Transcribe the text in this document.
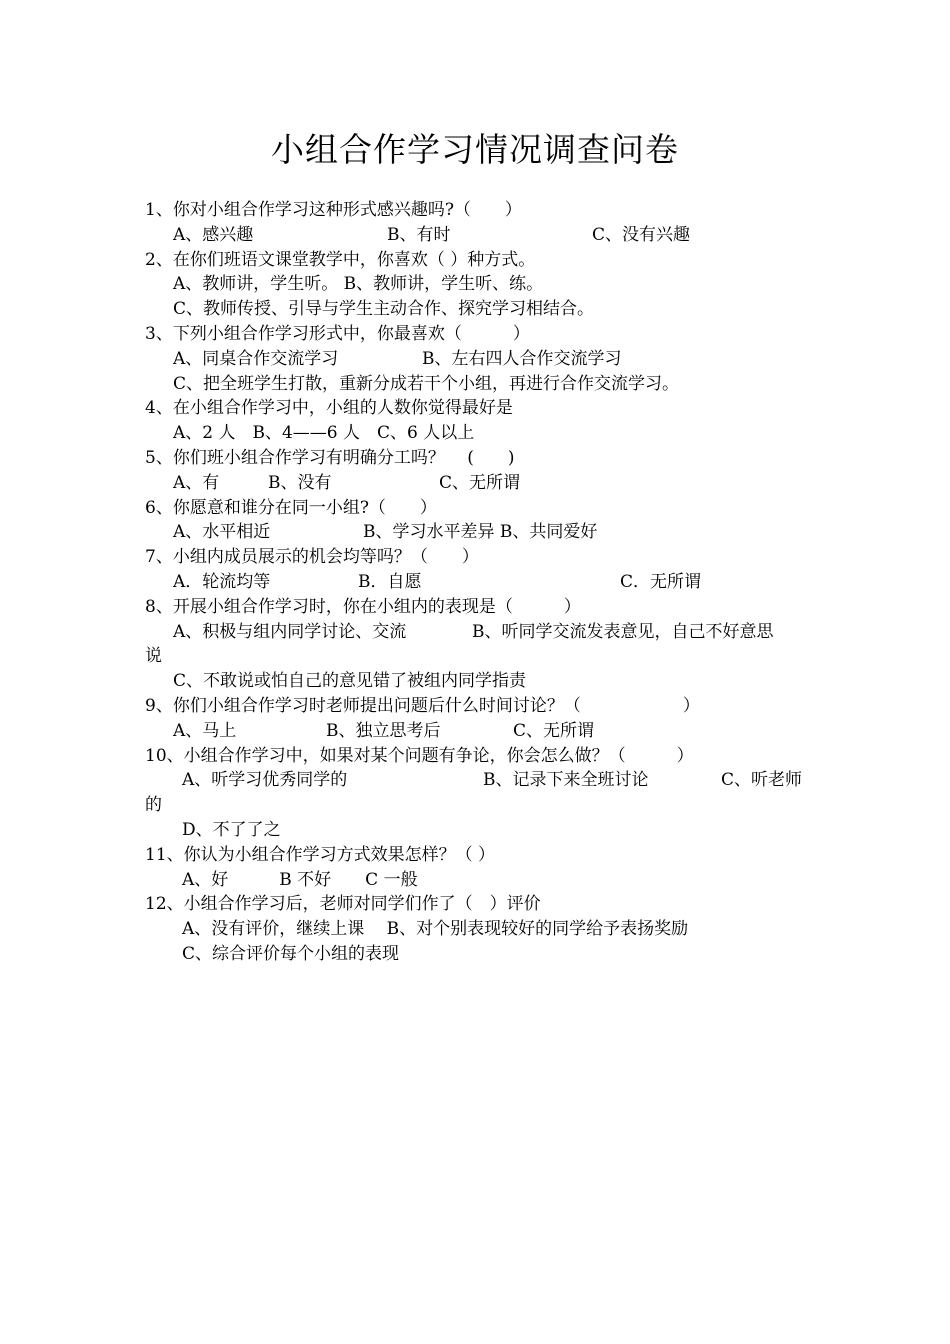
小组合作学习情况调查问卷
1、你对小组合作学习这种形式感兴趣吗?（　　）
A、感兴趣	B、有时	C、没有兴趣
2、在你们班语文课堂教学中，你喜欢（ ）种方式。
A、教师讲，学生听。 B、教师讲，学生听、练。
C、教师传授、引导与学生主动合作、探究学习相结合。
3、下列小组合作学习形式中，你最喜欢（　　　）
A、同桌合作交流学习	B、左右四人合作交流学习
C、把全班学生打散，重新分成若干个小组，再进行合作交流学习。
4、在小组合作学习中，小组的人数你觉得最好是
A、2 人　B、4——6 人　C、6 人以上
5、你们班小组合作学习有明确分工吗？　 (　　)
A、有	B、没有	C、无所谓
6、你愿意和谁分在同一小组?（　　）
A、水平相近	B、学习水平差异 B、共同爱好
7、小组内成员展示的机会均等吗？（　　）
A．轮流均等	B．自愿	C．无所谓
8、开展小组合作学习时，你在小组内的表现是（　　　）
A、积极与组内同学讨论、交流	B、听同学交流发表意见，自己不好意思
说
C、不敢说或怕自己的意见错了被组内同学指责
9、你们小组合作学习时老师提出问题后什么时间讨论？（　　　　　　）
A、马上	B、独立思考后	C、无所谓
10、小组合作学习中，如果对某个问题有争论，你会怎么做？（　　　）
A、听学习优秀同学的	B、记录下来全班讨论	C、听老师
的
D、不了了之
11、你认为小组合作学习方式效果怎样？（ ）
A、好　　　B 不好　　C 一般
12、小组合作学习后，老师对同学们作了（　）评价
A、没有评价，继续上课　 B、对个别表现较好的同学给予表扬奖励
C、综合评价每个小组的表现
